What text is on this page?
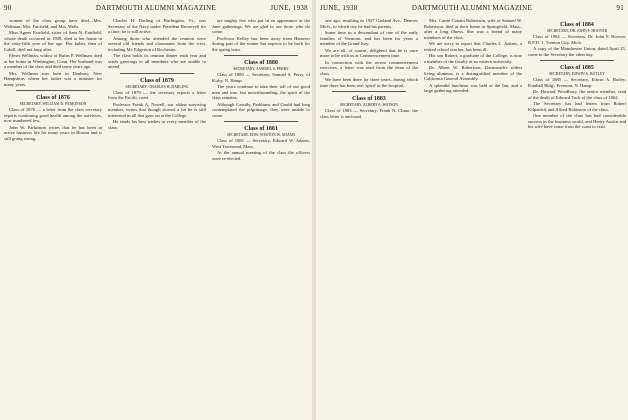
90	DARTMOUTH ALUMNI MAGAZINE	JUNE, 1938

women of the class group have died—Mrs. Wellman, Mrs. Fairfield, and Mrs. Wells.

Miss Agnes Fairfield, sister of Sam N. Fairfield, whose death occurred in 1938, died at her home in the sixty-fifth year of her age. Her father, then of Cahill, died not long after.

Elmer Wellman, widow of Rufus P. Wellman, died at her home in Washington, Conn. Her husband was a member of the class and died some years ago.

Mrs. Wellman was born in Danbury, New Hampshire, where her father was a minister for many years.

Class of 1876

SECRETARY, WILLIAM D. PARKINSON

Class of 1876 — a letter from the class secretary reports continuing good health among the survivors, now numbered few.

John W. Parkinson writes that he has been in active business life for many years in Boston and is still going strong.

Charles H. Darling of Burlington, Vt., was Secretary of the Navy under President Roosevelt for a time; he is still active.

Among those who attended the reunion were several old friends and classmates from the west, including Mr. Edgerton of Rochester.

The class holds its reunion dinner each year and sends greetings to all members who are unable to attend.

Class of 1879

SECRETARY, CHARLES H. DARLING

Class of 1879 — the secretary reports a letter from the Pacific coast.

Professor Frank A. Newell, our oldest surviving member, writes that though slowed a bit he is still interested in all that goes on at the College.

He sends his best wishes to every member of the class.

are mighty few who put in an appearance at the June gatherings. We are glad to see those who do come.

Professor Kelley has been away from Hanover during part of the winter but expects to be back for the spring term.

Class of 1880

SECRETARY, SAMUEL S. PERRY

Class of 1880 — Secretary, Samuel S. Perry, of Kirby, N. Hamp.

The years continue to take their toll of our good men and true, but notwithstanding, the spirit of the class remains.

Although Cassidy, Parkhurst and Gould had long contemplated the pilgrimage, they were unable to come.

Class of 1881

SECRETARY, EDW. WESTON W. ADAMS

Class of 1881 — Secretary, Edward W. Adams, West Townsend, Mass.

At the annual meeting of the class the officers were re-elected.

JUNE, 1938	DARTMOUTH ALUMNI MAGAZINE	91

one ago, resulting in 1927 Garland Ave., Denver, Mich., to which city he had his parents.

Some time in a descendant of one of the early families of Vermont, and has been for years a member of the Grand Jury.

We are all, of course, delighted that he is once more to be with us at Commencement time.

In connection with the recent commencement exercises, a letter was read from the dean of the class.

We have been there for three years, during which time there has been real 'spirit' in the hospital.

Class of 1883

SECRETARY, ALBERT A. WATSON

Class of 1883 — Secretary, Frank N. Chase, the class letter is enclosed.

Mrs. Carrie Conant Robertson, wife of Samuel W. Robertson, died at their home in Springfield, Mass., after a long illness. She was a friend of many members of the class.

We are sorry to report that Charles L. Adams, a retired school teacher, has been ill.

His son Robert, a graduate of the College, is now a member of the faculty at an eastern university.

Dr. Albert W. Robertson, Dartmouth's oldest living alumnus, is a distinguished member of the California General Assembly.

A splendid luncheon was held at the Inn, and a large gathering attended.

Class of 1884

SECRETARY, DR. JOHN F. HOOVER

Class of 1884 — Secretary, Dr. John F. Hoover, R.F.D. 1, Trenton City, Mich.

A copy of the Manchester Union, dated April 25, came to the Secretary the other day.

Class of 1885

SECRETARY, EDWIN A. BOTLEY

Class of 1885 — Secretary, Edwin A. Botley, Kimball Bldg., Fremont, N. Hamp.

Dr. Howard Woodbury, the senior member, read of the death of Edward Tuck of the class of 1862.

The Secretary has had letters from Robert Kilpatrick and Alfred Robinson of the class.

One member of the class has had considerable success in the business world, and Henry Austin and his wife have come from the coast to visit.
